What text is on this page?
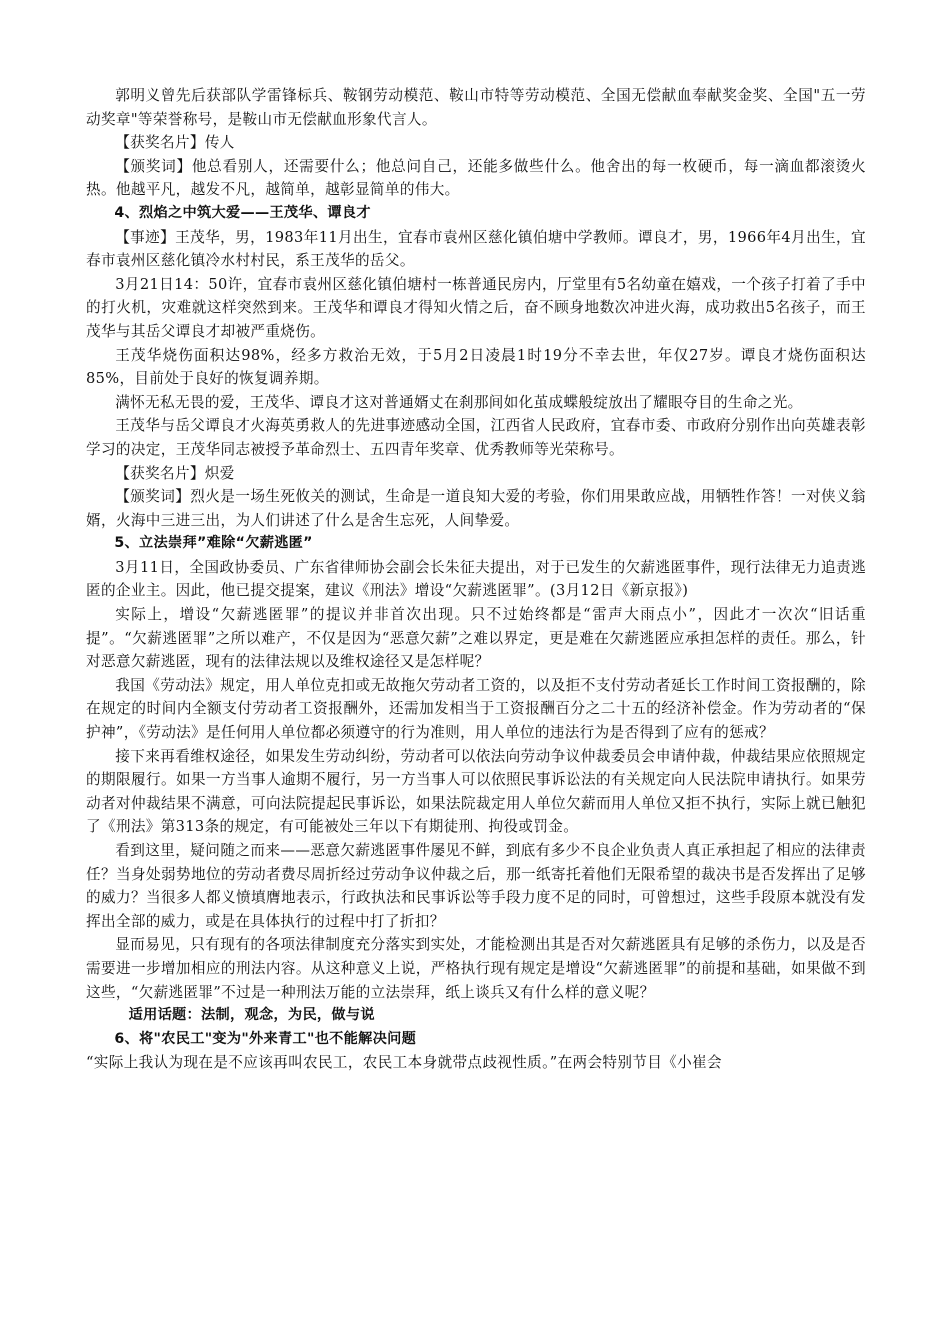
郭明义曾先后获部队学雷锋标兵、鞍钢劳动模范、鞍山市特等劳动模范、全国无偿献血奉献奖金奖、全国"五一劳动奖章"等荣誉称号，是鞍山市无偿献血形象代言人。

【获奖名片】传人

【颁奖词】他总看别人，还需要什么；他总问自己，还能多做些什么。他舍出的每一枚硬币，每一滴血都滚烫火热。他越平凡，越发不凡，越简单，越彰显简单的伟大。

4、烈焰之中筑大爱——王茂华、谭良才

【事迹】王茂华，男，1983年11月出生，宜春市袁州区慈化镇伯塘中学教师。谭良才，男，1966年4月出生，宜春市袁州区慈化镇冷水村村民，系王茂华的岳父。

3月21日14：50许，宜春市袁州区慈化镇伯塘村一栋普通民房内，厅堂里有5名幼童在嬉戏，一个孩子打着了手中的打火机，灾难就这样突然到来。王茂华和谭良才得知火情之后，奋不顾身地数次冲进火海，成功救出5名孩子，而王茂华与其岳父谭良才却被严重烧伤。

王茂华烧伤面积达98%，经多方救治无效，于5月2日凌晨1时19分不幸去世，年仅27岁。谭良才烧伤面积达85%，目前处于良好的恢复调养期。

满怀无私无畏的爱，王茂华、谭良才这对普通婿丈在刹那间如化茧成蝶般绽放出了耀眼夺目的生命之光。

王茂华与岳父谭良才火海英勇救人的先进事迹感动全国，江西省人民政府，宜春市委、市政府分别作出向英雄表彰学习的决定，王茂华同志被授予革命烈士、五四青年奖章、优秀教师等光荣称号。

【获奖名片】炽爱

【颁奖词】烈火是一场生死攸关的测试，生命是一道良知大爱的考验，你们用果敢应战，用牺牲作答！一对侠义翁婿，火海中三进三出，为人们讲述了什么是舍生忘死，人间挚爱。

5、立法崇拜”难除“欠薪逃匿”

3月11日，全国政协委员、广东省律师协会副会长朱征夫提出，对于已发生的欠薪逃匿事件，现行法律无力追责逃匿的企业主。因此，他已提交提案，建议《刑法》增设“欠薪逃匿罪”。(3月12日《新京报》)

实际上，增设“欠薪逃匿罪”的提议并非首次出现。只不过始终都是“雷声大雨点小”，因此才一次次“旧话重提”。“欠薪逃匿罪”之所以难产，不仅是因为“恶意欠薪”之难以界定，更是难在欠薪逃匿应承担怎样的责任。那么，针对恶意欠薪逃匿，现有的法律法规以及维权途径又是怎样呢？

我国《劳动法》规定，用人单位克扣或无故拖欠劳动者工资的，以及拒不支付劳动者延长工作时间工资报酬的，除在规定的时间内全额支付劳动者工资报酬外，还需加发相当于工资报酬百分之二十五的经济补偿金。作为劳动者的“保护神”，《劳动法》是任何用人单位都必须遵守的行为准则，用人单位的违法行为是否得到了应有的惩戒？

接下来再看维权途径，如果发生劳动纠纷，劳动者可以依法向劳动争议仲裁委员会申请仲裁，仲裁结果应依照规定的期限履行。如果一方当事人逾期不履行，另一方当事人可以依照民事诉讼法的有关规定向人民法院申请执行。如果劳动者对仲裁结果不满意，可向法院提起民事诉讼，如果法院裁定用人单位欠薪而用人单位又拒不执行，实际上就已触犯了《刑法》第313条的规定，有可能被处三年以下有期徒刑、拘役或罚金。

看到这里，疑问随之而来——恶意欠薪逃匿事件屡见不鲜，到底有多少不良企业负责人真正承担起了相应的法律责任？当身处弱势地位的劳动者费尽周折经过劳动争议仲裁之后，那一纸寄托着他们无限希望的裁决书是否发挥出了足够的威力？当很多人都义愤填膺地表示，行政执法和民事诉讼等手段力度不足的同时，可曾想过，这些手段原本就没有发挥出全部的威力，或是在具体执行的过程中打了折扣？

显而易见，只有现有的各项法律制度充分落实到实处，才能检测出其是否对欠薪逃匿具有足够的杀伤力，以及是否需要进一步增加相应的刑法内容。从这种意义上说，严格执行现有规定是增设“欠薪逃匿罪”的前提和基础，如果做不到这些，“欠薪逃匿罪”不过是一种刑法万能的立法崇拜，纸上谈兵又有什么样的意义呢？

适用话题：法制，观念，为民，做与说

6、将"农民工"变为"外来青工"也不能解决问题

“实际上我认为现在是不应该再叫农民工，农民工本身就带点歧视性质。”在两会特别节目《小崔会
